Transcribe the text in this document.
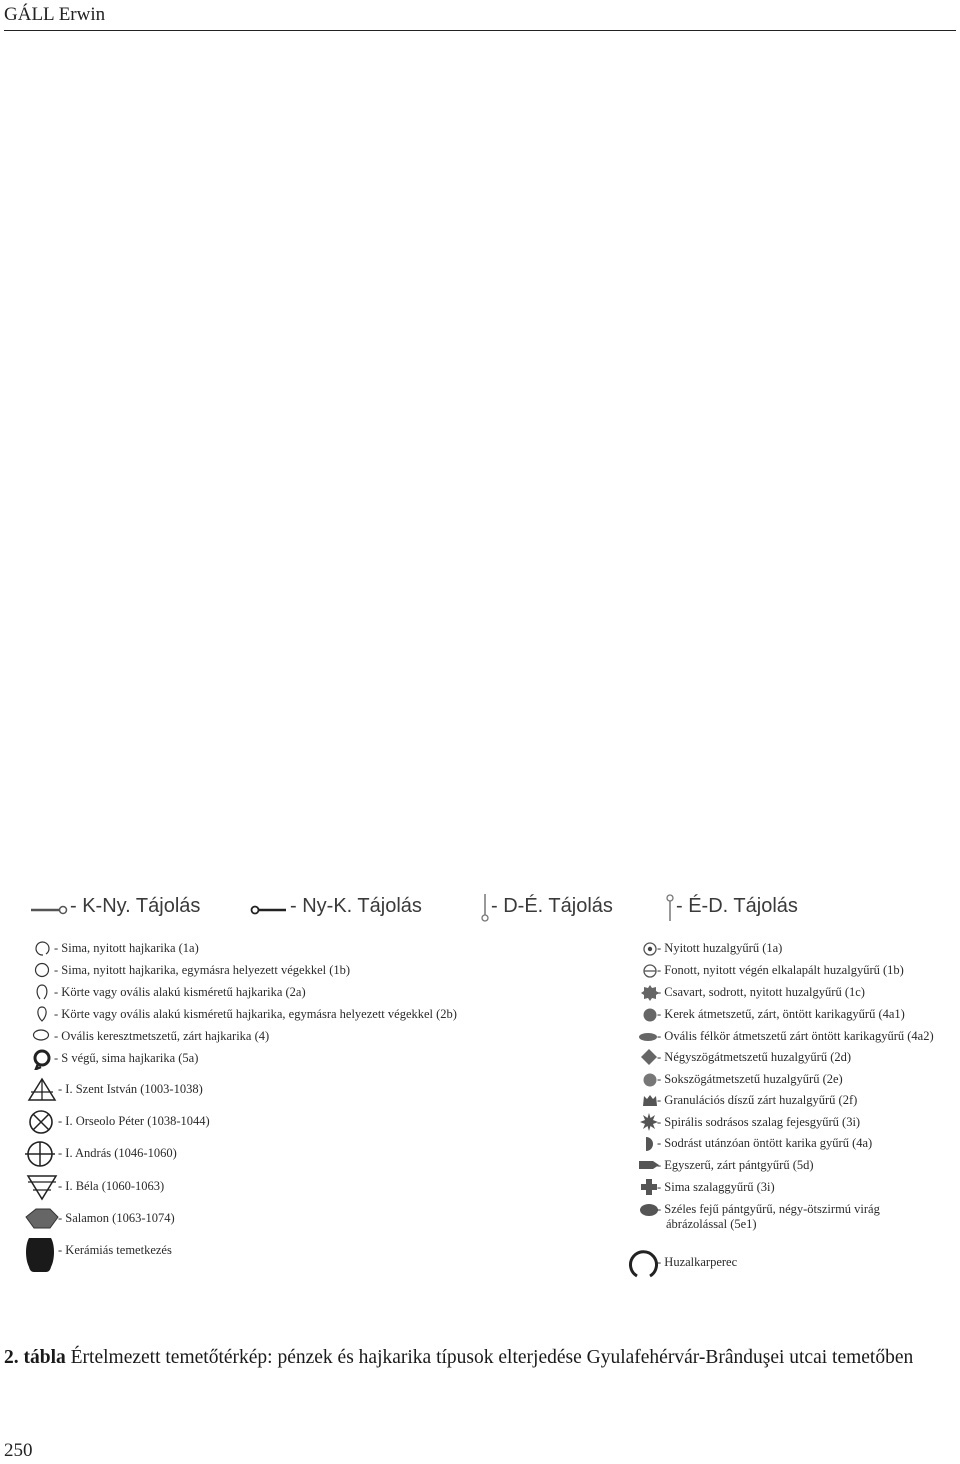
GÁLL Erwin
- K-Ny. Tájolás	- Ny-K. Tájolás	- D-É. Tájolás	- É-D. Tájolás
- Sima, nyitott hajkarika (1a)
- Sima, nyitott hajkarika, egymásra helyezett végekkel (1b)
- Körte vagy ovális alakú kisméretű hajkarika (2a)
- Körte vagy ovális alakú kisméretű hajkarika, egymásra helyezett végekkel (2b)
- Ovális keresztmetszetű, zárt hajkarika (4)
- S végű, sima hajkarika (5a)
- I. Szent István (1003-1038)
- I. Orseolo Péter (1038-1044)
- I. András (1046-1060)
- I. Béla (1060-1063)
- Salamon (1063-1074)
- Kerámiás temetkezés
- Nyitott huzalgyűrű (1a)
- Fonott, nyitott végén elkalapált huzalgyűrű (1b)
- Csavart, sodrott, nyitott huzalgyűrű (1c)
- Kerek átmetszetű, zárt, öntött karikagyűrű (4a1)
- Ovális félkör átmetszetű zárt öntött karikagyűrű (4a2)
- Négyszögátmetszetű huzalgyűrű (2d)
- Sokszögátmetszetű huzalgyűrű (2e)
- Granulációs díszű zárt huzalgyűrű (2f)
- Spirális sodrásos szalag fejesgyűrű (3i)
- Sodrást utánzóan öntött karika gyűrű (4a)
- Egyszerű, zárt pántgyűrű (5d)
- Sima szalaggyűrű (3i)
- Széles fejű pántgyűrű, négy-ötszirmú virág
ábrázolással (5e1)
- Huzalkarperec
2. tábla Értelmezett temetőtérkép: pénzek és hajkarika típusok elterjedése Gyulafehérvár-Brânduşei utcai temetőben
250
